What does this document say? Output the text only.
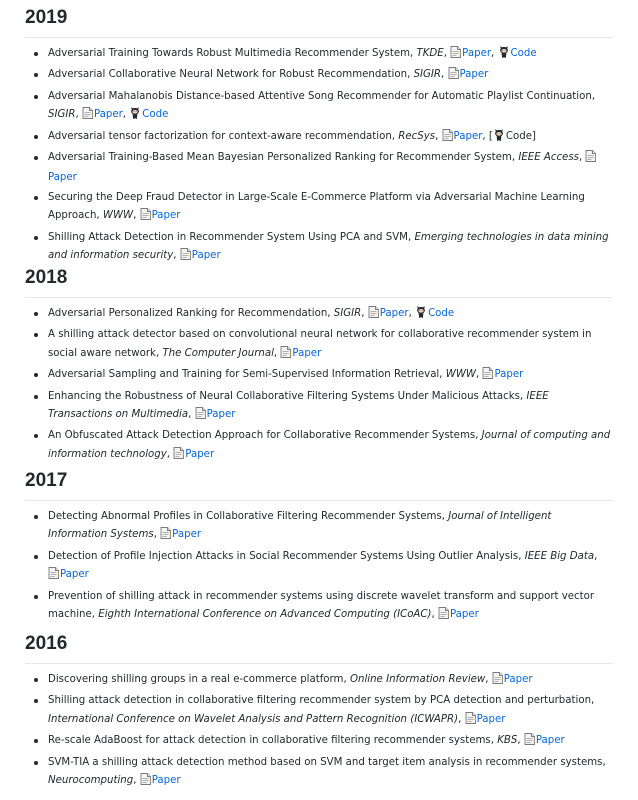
2019
Adversarial Training Towards Robust Multimedia Recommender System, TKDE, Paper, Code
Adversarial Collaborative Neural Network for Robust Recommendation, SIGIR, Paper
Adversarial Mahalanobis Distance-based Attentive Song Recommender for Automatic Playlist Continuation, SIGIR, Paper, Code
Adversarial tensor factorization for context-aware recommendation, RecSys, Paper, [ Code]
Adversarial Training-Based Mean Bayesian Personalized Ranking for Recommender System, IEEE Access, Paper
Securing the Deep Fraud Detector in Large-Scale E-Commerce Platform via Adversarial Machine Learning Approach, WWW, Paper
Shilling Attack Detection in Recommender System Using PCA and SVM, Emerging technologies in data mining and information security, Paper
2018
Adversarial Personalized Ranking for Recommendation, SIGIR, Paper, Code
A shilling attack detector based on convolutional neural network for collaborative recommender system in social aware network, The Computer Journal, Paper
Adversarial Sampling and Training for Semi-Supervised Information Retrieval, WWW, Paper
Enhancing the Robustness of Neural Collaborative Filtering Systems Under Malicious Attacks, IEEE Transactions on Multimedia, Paper
An Obfuscated Attack Detection Approach for Collaborative Recommender Systems, Journal of computing and information technology, Paper
2017
Detecting Abnormal Profiles in Collaborative Filtering Recommender Systems, Journal of Intelligent Information Systems, Paper
Detection of Profile Injection Attacks in Social Recommender Systems Using Outlier Analysis, IEEE Big Data, Paper
Prevention of shilling attack in recommender systems using discrete wavelet transform and support vector machine, Eighth International Conference on Advanced Computing (ICoAC), Paper
2016
Discovering shilling groups in a real e-commerce platform, Online Information Review, Paper
Shilling attack detection in collaborative filtering recommender system by PCA detection and perturbation, International Conference on Wavelet Analysis and Pattern Recognition (ICWAPR), Paper
Re-scale AdaBoost for attack detection in collaborative filtering recommender systems, KBS, Paper
SVM-TIA a shilling attack detection method based on SVM and target item analysis in recommender systems, Neurocomputing, Paper
